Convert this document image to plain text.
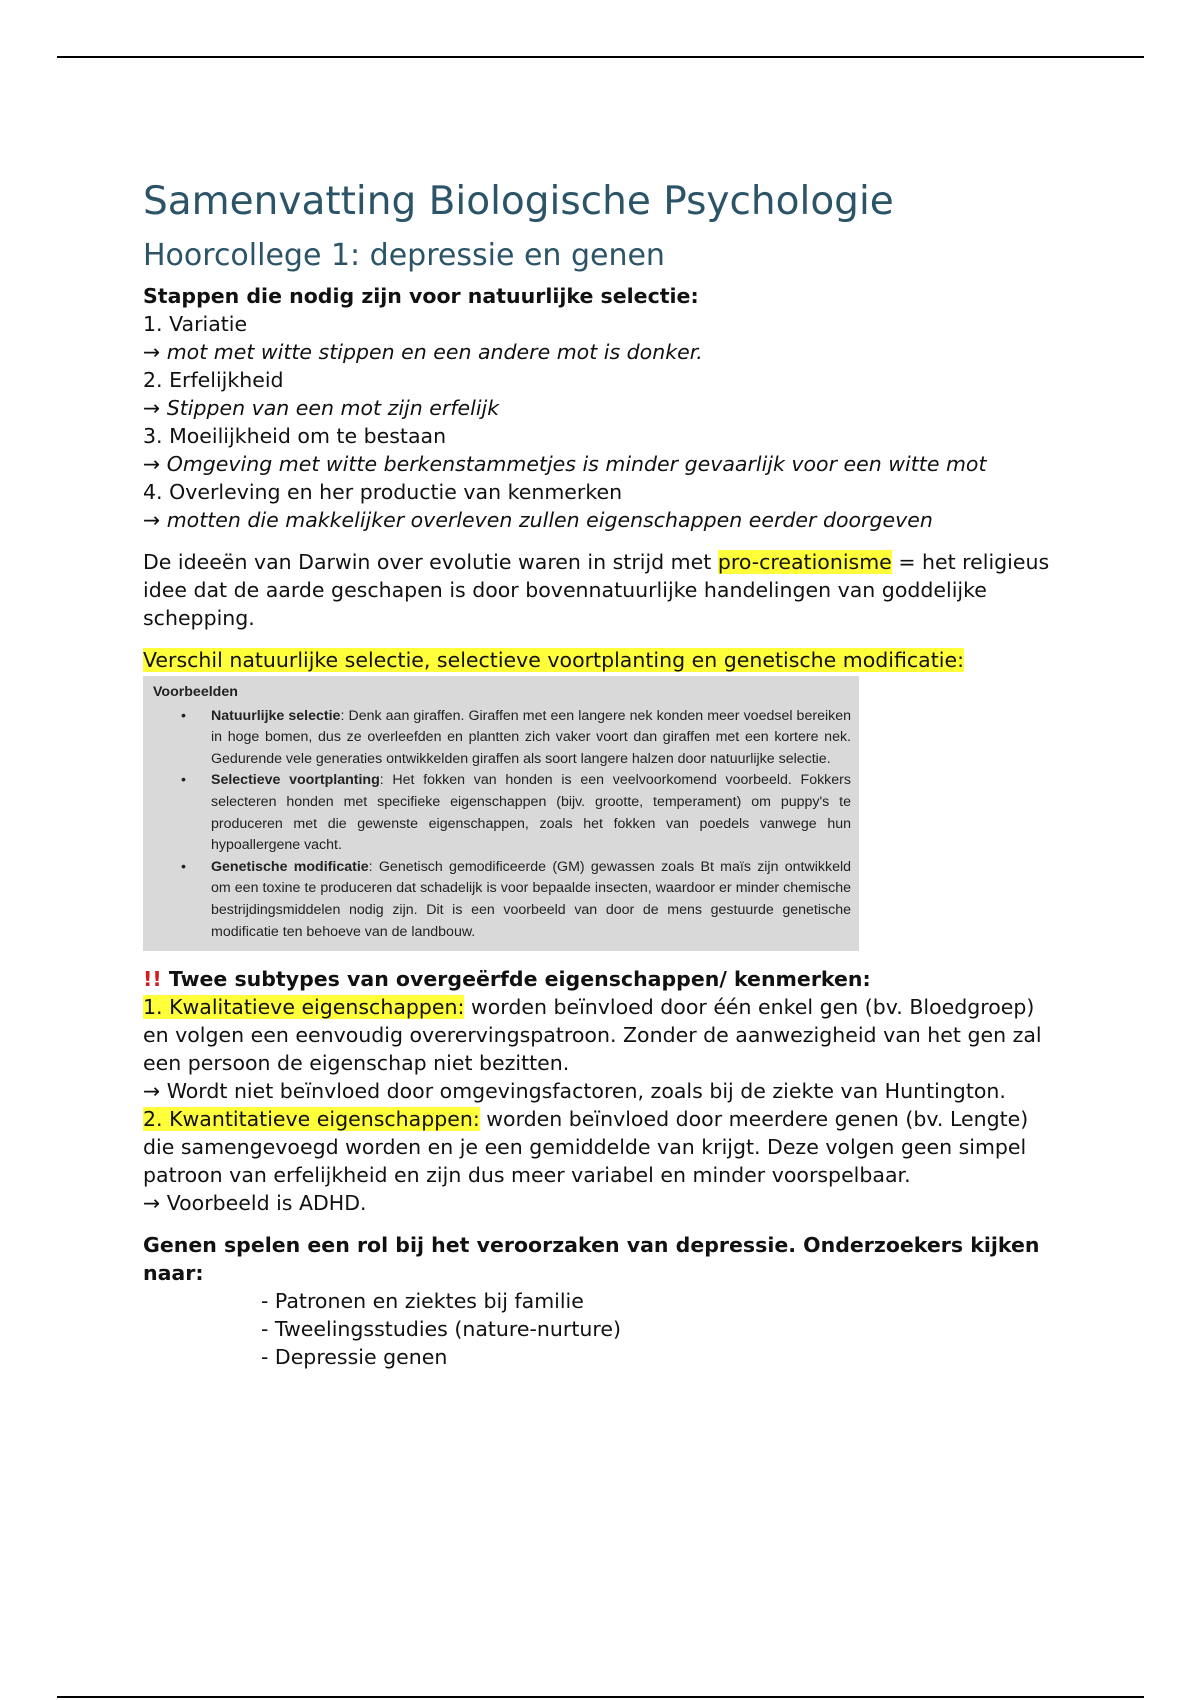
Samenvatting Biologische Psychologie
Hoorcollege 1: depressie en genen

Stappen die nodig zijn voor natuurlijke selectie:

1. Variatie

→ mot met witte stippen en een andere mot is donker.

2. Erfelijkheid

→ Stippen van een mot zijn erfelijk

3. Moeilijkheid om te bestaan

→ Omgeving met witte berkenstammetjes is minder gevaarlijk voor een witte mot

4. Overleving en her productie van kenmerken

→ motten die makkelijker overleven zullen eigenschappen eerder doorgeven

De ideeën van Darwin over evolutie waren in strijd met pro-creationisme = het religieus idee dat de aarde geschapen is door bovennatuurlijke handelingen van goddelijke schepping.

Verschil natuurlijke selectie, selectieve voortplanting en genetische modificatie:

Voorbeelden
• Natuurlijke selectie: Denk aan giraffen. Giraffen met een langere nek konden meer voedsel bereiken in hoge bomen, dus ze overleefden en plantten zich vaker voort dan giraffen met een kortere nek. Gedurende vele generaties ontwikkelden giraffen als soort langere halzen door natuurlijke selectie.
• Selectieve voortplanting: Het fokken van honden is een veelvoorkomend voorbeeld. Fokkers selecteren honden met specifieke eigenschappen (bijv. grootte, temperament) om puppy's te produceren met die gewenste eigenschappen, zoals het fokken van poedels vanwege hun hypoallergene vacht.
• Genetische modificatie: Genetisch gemodificeerde (GM) gewassen zoals Bt maïs zijn ontwikkeld om een toxine te produceren dat schadelijk is voor bepaalde insecten, waardoor er minder chemische bestrijdingsmiddelen nodig zijn. Dit is een voorbeeld van door de mens gestuurde genetische modificatie ten behoeve van de landbouw.

!! Twee subtypes van overgeërfde eigenschappen/ kenmerken:

1. Kwalitatieve eigenschappen: worden beïnvloed door één enkel gen (bv. Bloedgroep) en volgen een eenvoudig overervingspatroon. Zonder de aanwezigheid van het gen zal een persoon de eigenschap niet bezitten.

→ Wordt niet beïnvloed door omgevingsfactoren, zoals bij de ziekte van Huntington.

2. Kwantitatieve eigenschappen: worden beïnvloed door meerdere genen (bv. Lengte) die samengevoegd worden en je een gemiddelde van krijgt. Deze volgen geen simpel patroon van erfelijkheid en zijn dus meer variabel en minder voorspelbaar.

→ Voorbeeld is ADHD.

Genen spelen een rol bij het veroorzaken van depressie. Onderzoekers kijken naar:

- Patronen en ziektes bij familie

- Tweelingsstudies (nature-nurture)

- Depressie genen
